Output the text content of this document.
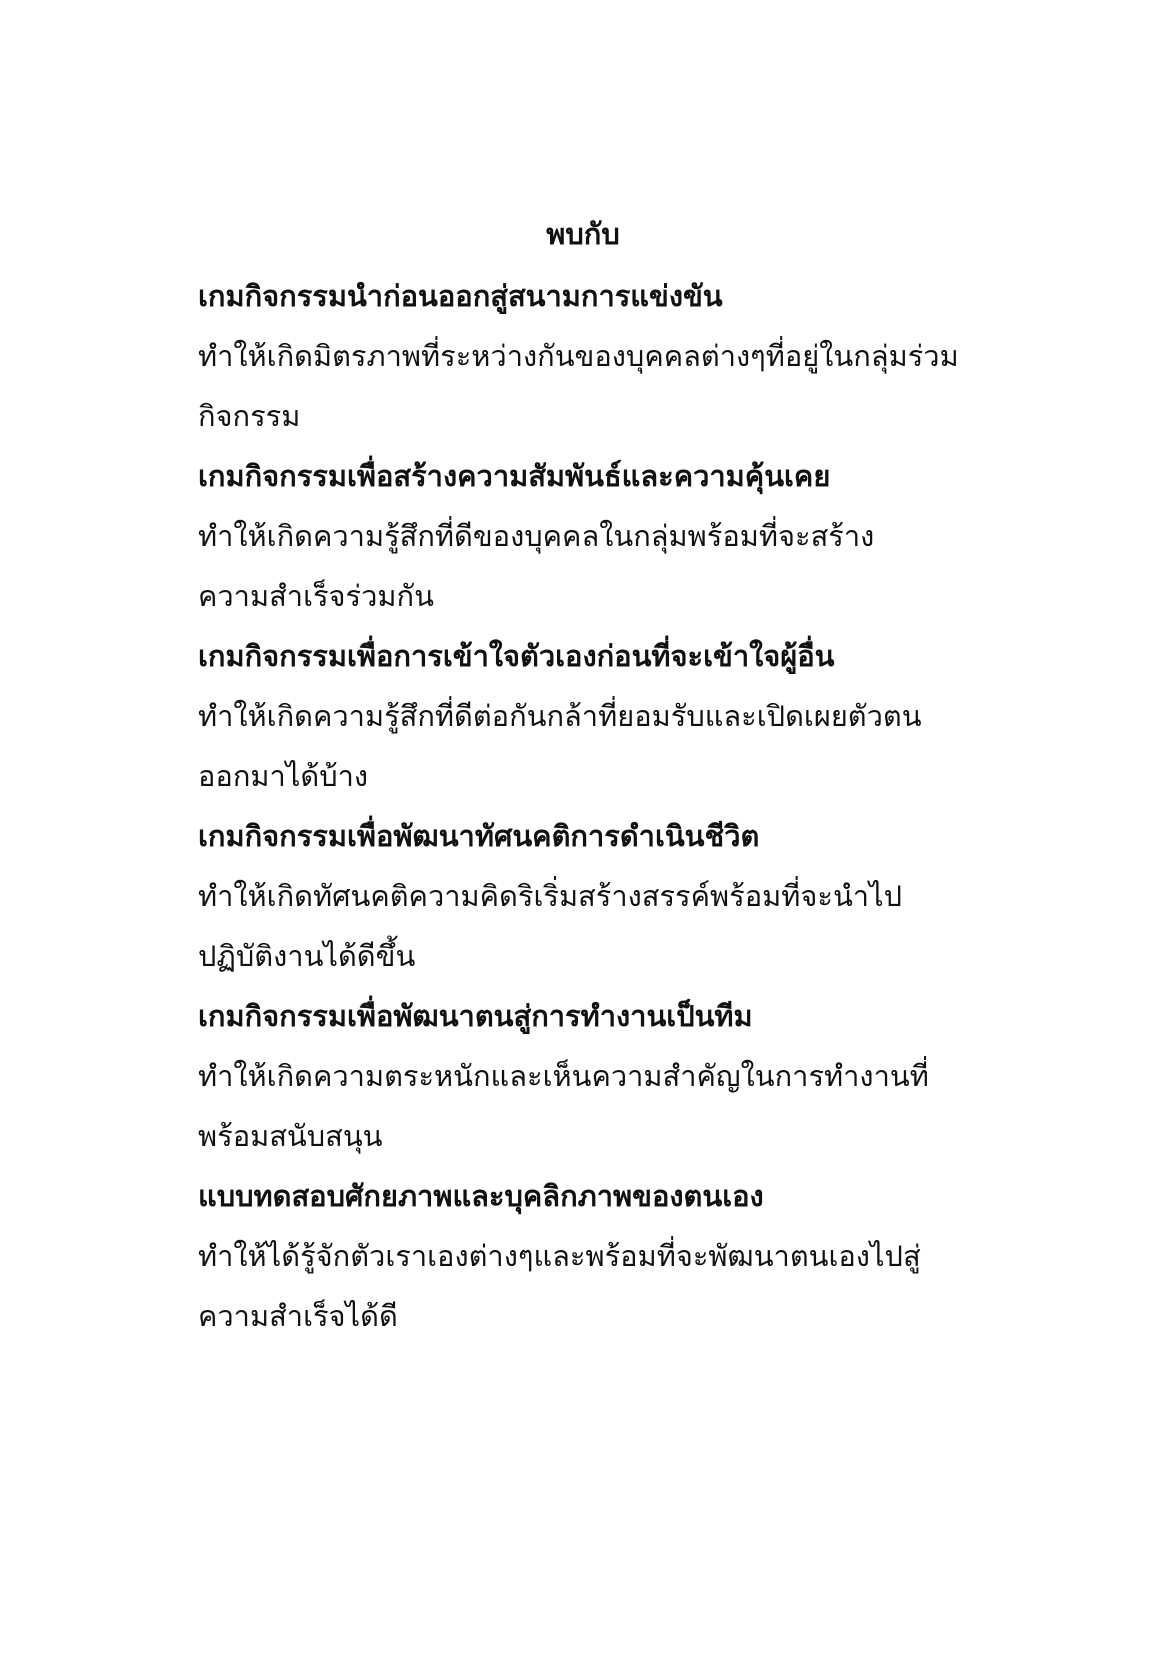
พบกับ
เกมกิจกรรมนำก่อนออกสู่สนามการแข่งขัน
ทำให้เกิดมิตรภาพที่ระหว่างกันของบุคคลต่างๆที่อยู่ในกลุ่มร่วม
กิจกรรม
เกมกิจกรรมเพื่อสร้างความสัมพันธ์และความคุ้นเคย
ทำให้เกิดความรู้สึกที่ดีของบุคคลในกลุ่มพร้อมที่จะสร้าง
ความสำเร็จร่วมกัน
เกมกิจกรรมเพื่อการเข้าใจตัวเองก่อนที่จะเข้าใจผู้อื่น
ทำให้เกิดความรู้สึกที่ดีต่อกันกล้าที่ยอมรับและเปิดเผยตัวตน
ออกมาได้บ้าง
เกมกิจกรรมเพื่อพัฒนาทัศนคติการดำเนินชีวิต
ทำให้เกิดทัศนคติความคิดริเริ่มสร้างสรรค์พร้อมที่จะนำไป
ปฏิบัติงานได้ดีขึ้น
เกมกิจกรรมเพื่อพัฒนาตนสู่การทำงานเป็นทีม
ทำให้เกิดความตระหนักและเห็นความสำคัญในการทำงานที่
พร้อมสนับสนุน
แบบทดสอบศักยภาพและบุคลิกภาพของตนเอง
ทำให้ได้รู้จักตัวเราเองต่างๆและพร้อมที่จะพัฒนาตนเองไปสู่
ความสำเร็จได้ดี
